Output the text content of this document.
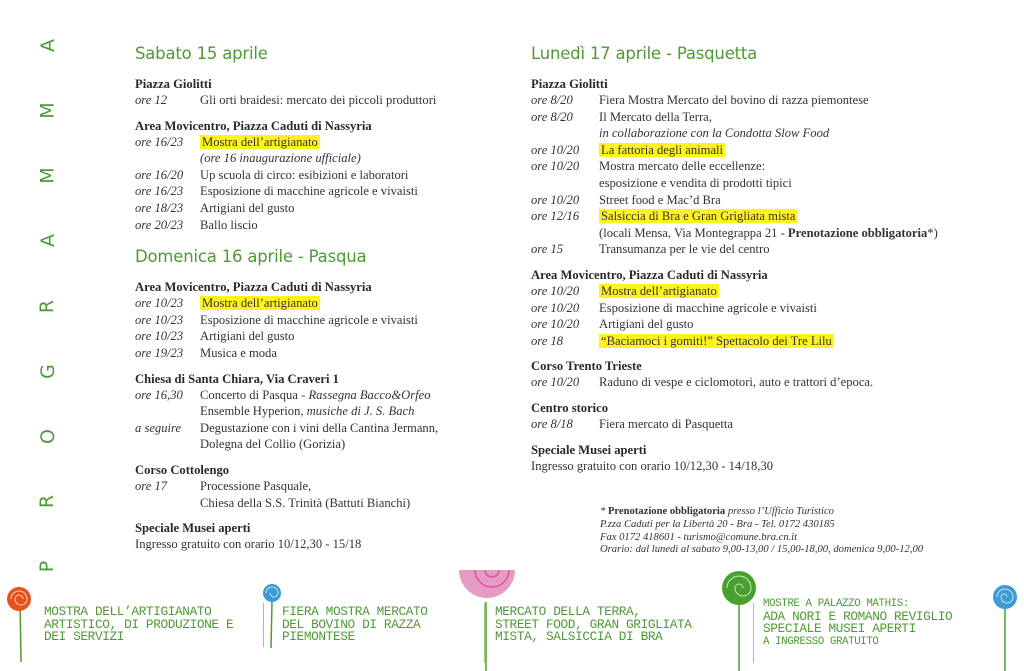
A
M
M
A
R
G
O
R
P
Sabato 15 aprile
Piazza Giolitti
ore 12	Gli orti braidesi: mercato dei piccoli produttori
Area Movicentro, Piazza Caduti di Nassyria
ore 16/23	Mostra dell’artigianato
(ore 16 inaugurazione ufficiale)
ore 16/20	Up scuola di circo: esibizioni e laboratori
ore 16/23	Esposizione di macchine agricole e vivaisti
ore 18/23	Artigiani del gusto
ore 20/23	Ballo liscio
Domenica 16 aprile - Pasqua
Area Movicentro, Piazza Caduti di Nassyria
ore 10/23	Mostra dell’artigianato
ore 10/23	Esposizione di macchine agricole e vivaisti
ore 10/23	Artigiani del gusto
ore 19/23	Musica e moda
Chiesa di Santa Chiara, Via Craveri 1
ore 16,30	Concerto di Pasqua - Rassegna Bacco&Orfeo
Ensemble Hyperion, musiche di J. S. Bach
a seguire	Degustazione con i vini della Cantina Jermann,
Dolegna del Collio (Gorizia)
Corso Cottolengo
ore 17	Processione Pasquale,
Chiesa della S.S. Trinità (Battuti Bianchi)
Speciale Musei aperti
Ingresso gratuito con orario 10/12,30 - 15/18
Lunedì 17 aprile - Pasquetta
Piazza Giolitti
ore 8/20	Fiera Mostra Mercato del bovino di razza piemontese
ore 8/20	Il Mercato della Terra,
in collaborazione con la Condotta Slow Food
ore 10/20	La fattoria degli animali
ore 10/20	Mostra mercato delle eccellenze:
esposizione e vendita di prodotti tipici
ore 10/20	Street food e Mac’d Bra
ore 12/16	Salsiccia di Bra e Gran Grigliata mista
(locali Mensa, Via Montegrappa 21 - Prenotazione obbligatoria*)
ore 15	Transumanza per le vie del centro
Area Movicentro, Piazza Caduti di Nassyria
ore 10/20	Mostra dell’artigianato
ore 10/20	Esposizione di macchine agricole e vivaisti
ore 10/20	Artigiani del gusto
ore 18	“Baciamoci i gomiti!” Spettacolo dei Tre Lilu
Corso Trento Trieste
ore 10/20	Raduno di vespe e ciclomotori, auto e trattori d’epoca.
Centro storico
ore 8/18	Fiera mercato di Pasquetta
Speciale Musei aperti
Ingresso gratuito con orario 10/12,30 - 14/18,30
* Prenotazione obbligatoria presso l’Ufficio Turistico
P.zza Caduti per la Libertà 20 - Bra - Tel. 0172 430185
Fax 0172 418601 - turismo@comune.bra.cn.it
Orario: dal lunedì al sabato 9,00-13,00 / 15,00-18,00, domenica 9,00-12,00
MOSTRA DELL’ARTIGIANATO
ARTISTICO, DI PRODUZIONE E
DEI SERVIZI
FIERA MOSTRA MERCATO
DEL BOVINO DI RAZZA
PIEMONTESE
MERCATO DELLA TERRA,
STREET FOOD, GRAN GRIGLIATA
MISTA, SALSICCIA DI BRA
MOSTRE A PALAZZO MATHIS:
ADA NORI E ROMANO REVIGLIO
SPECIALE MUSEI APERTI
A INGRESSO GRATUITO
